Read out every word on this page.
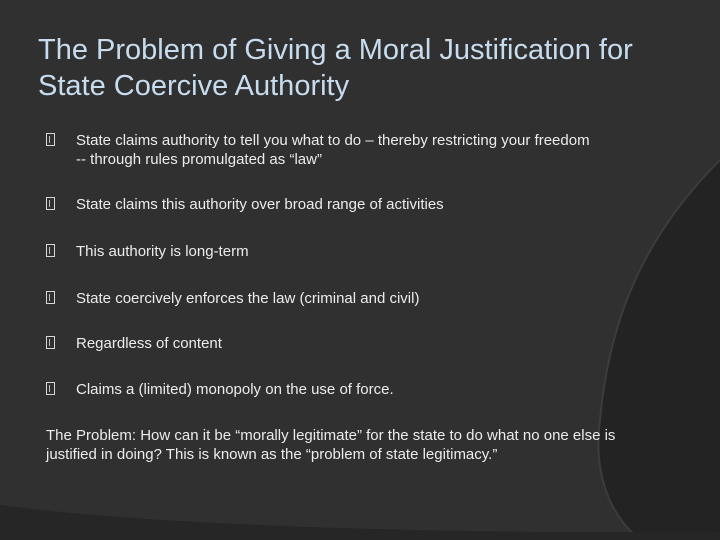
The Problem of Giving a Moral Justification for State Coercive Authority
State claims authority to tell you what to do – thereby restricting your freedom -- through rules promulgated as “law”
State claims this authority over broad range of activities
This authority is long-term
State coercively enforces the law (criminal and civil)
Regardless of content
Claims a (limited) monopoly on the use of force.

The Problem: How can it be “morally legitimate” for the state to do what no one else is justified in doing? This is known as the “problem of state legitimacy.”
